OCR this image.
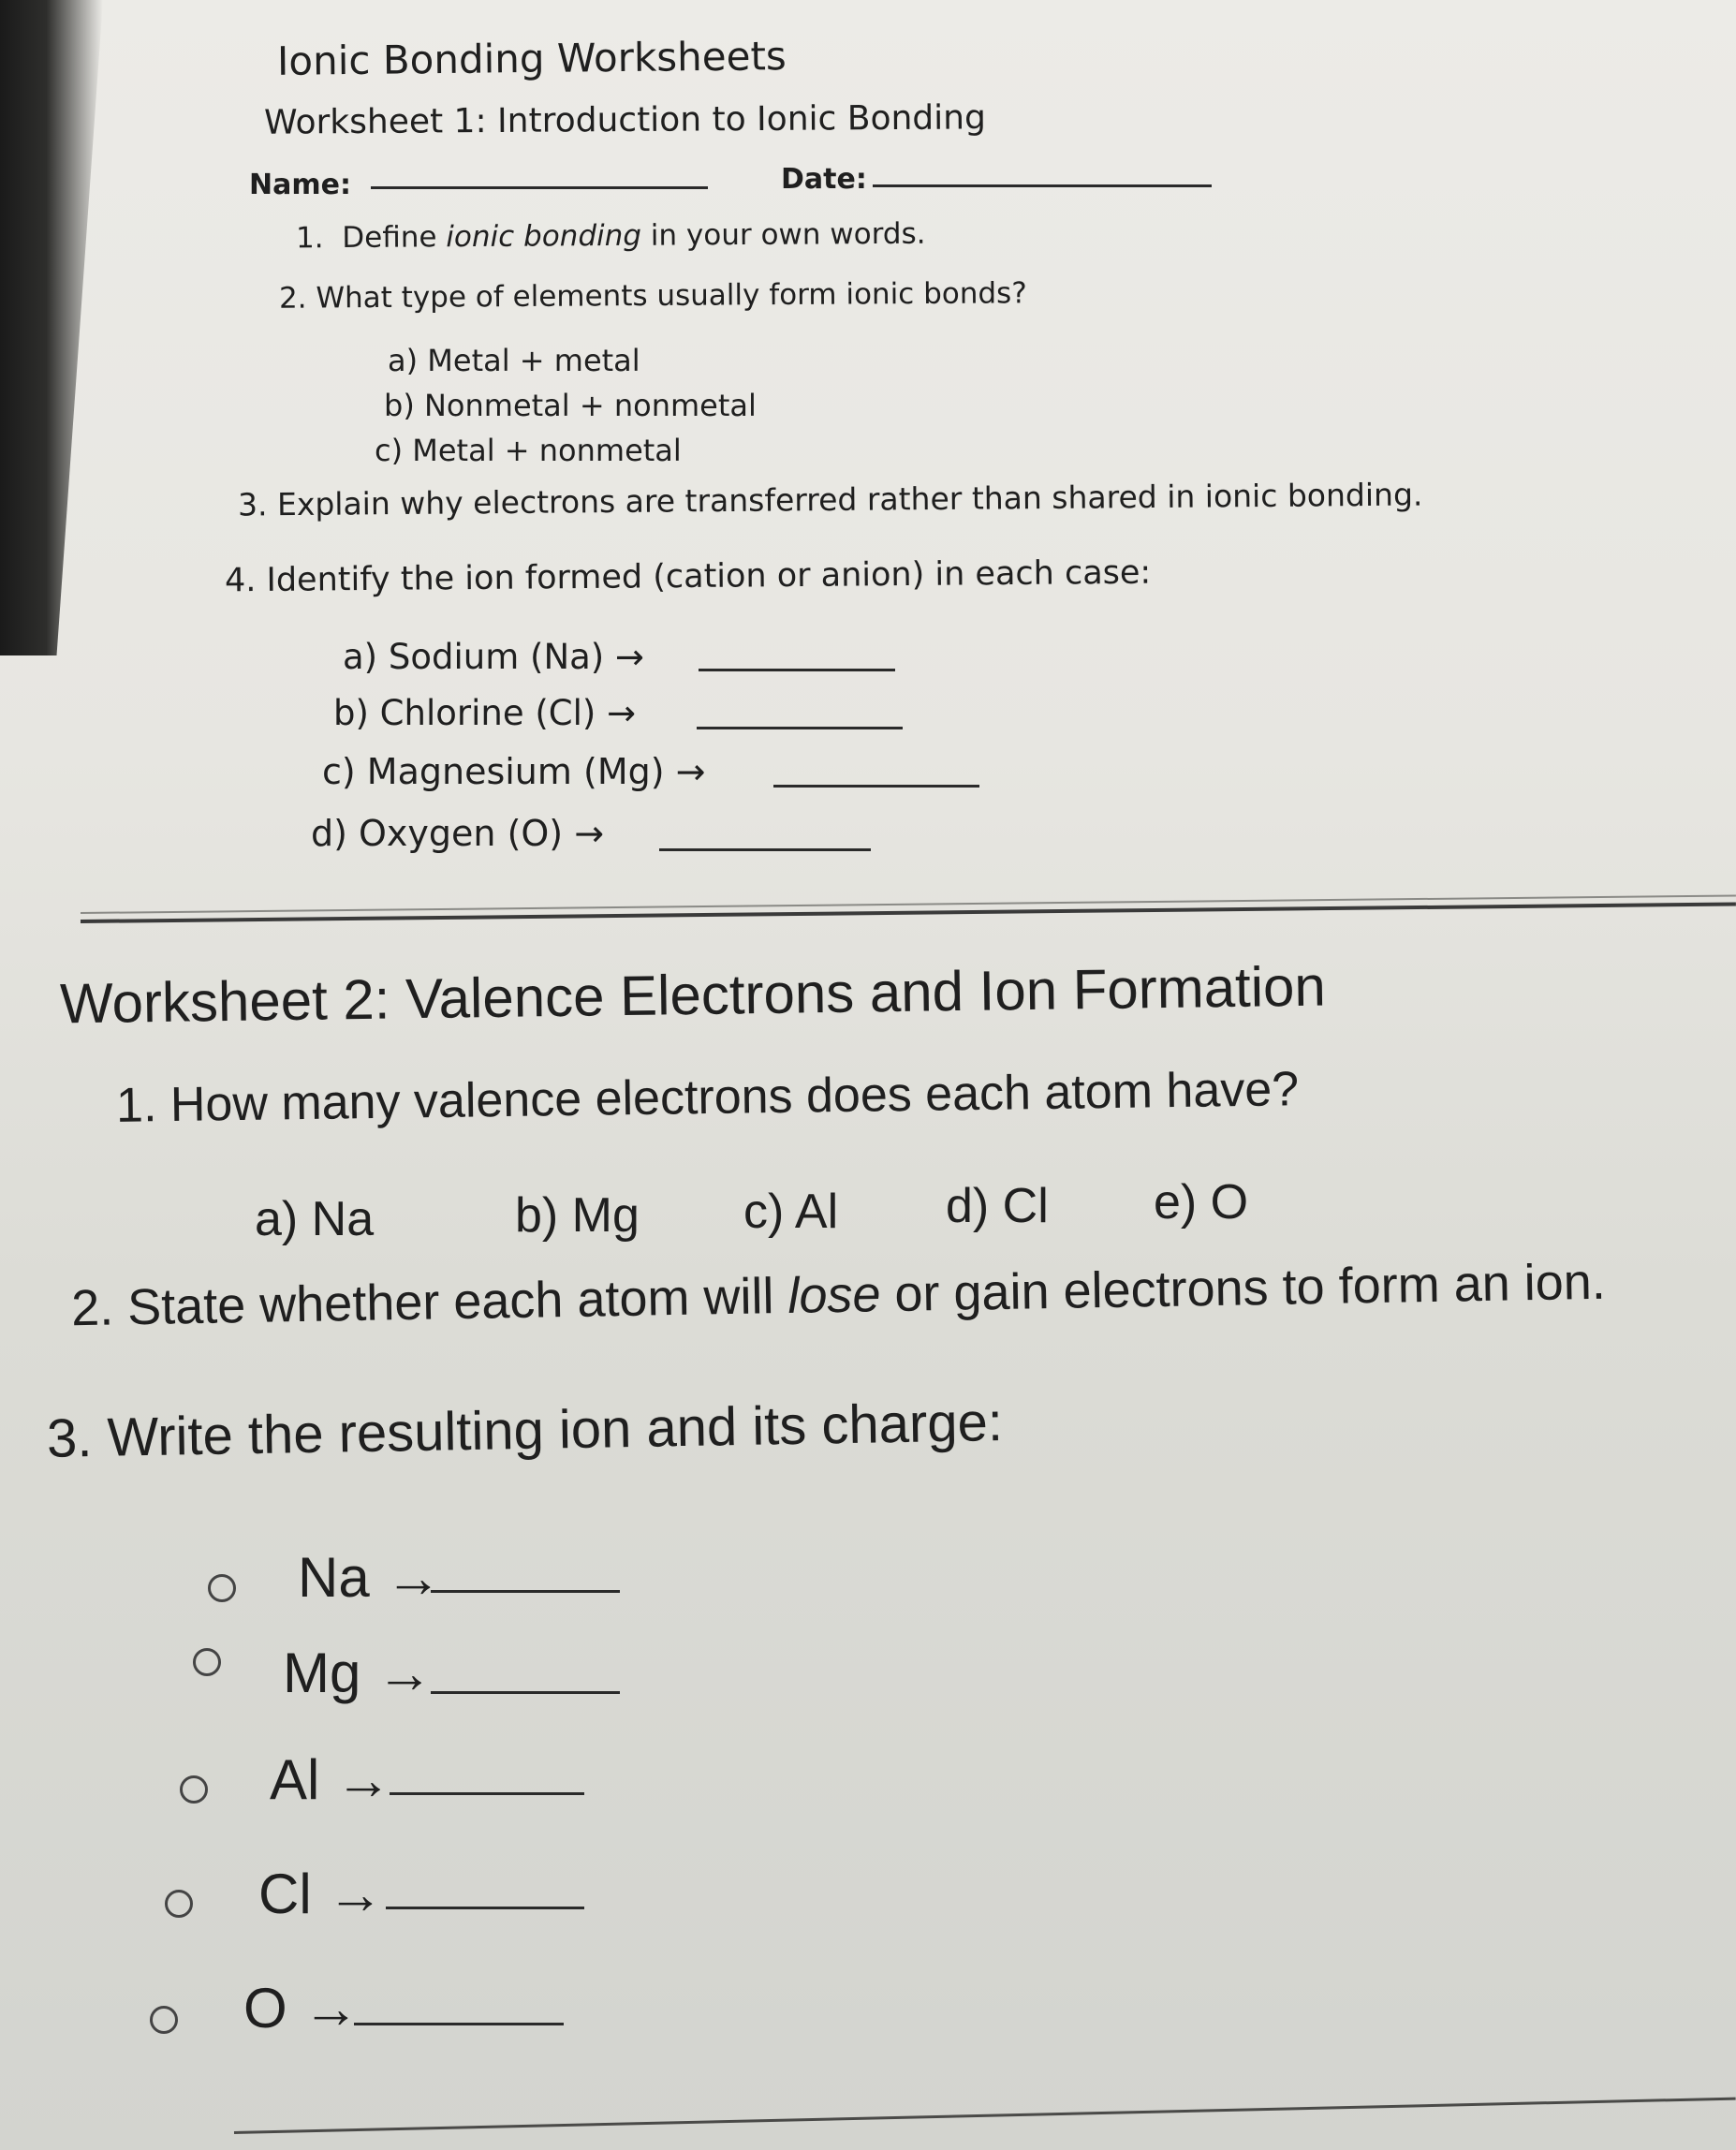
Ionic Bonding Worksheets
Worksheet 1: Introduction to Ionic Bonding
Name:	Date:
1. Define ionic bonding in your own words.
2. What type of elements usually form ionic bonds?
a) Metal + metal
b) Nonmetal + nonmetal
c) Metal + nonmetal
3. Explain why electrons are transferred rather than shared in ionic bonding.
4. Identify the ion formed (cation or anion) in each case:
a) Sodium (Na) →
b) Chlorine (Cl) →
c) Magnesium (Mg) →
d) Oxygen (O) →
Worksheet 2: Valence Electrons and Ion Formation
1. How many valence electrons does each atom have?
a) Na	b) Mg c) Al d) Cl e) O
2. State whether each atom will lose or gain electrons to form an ion.
3. Write the resulting ion and its charge:
Na →
Mg →
Al →
Cl →
O →
